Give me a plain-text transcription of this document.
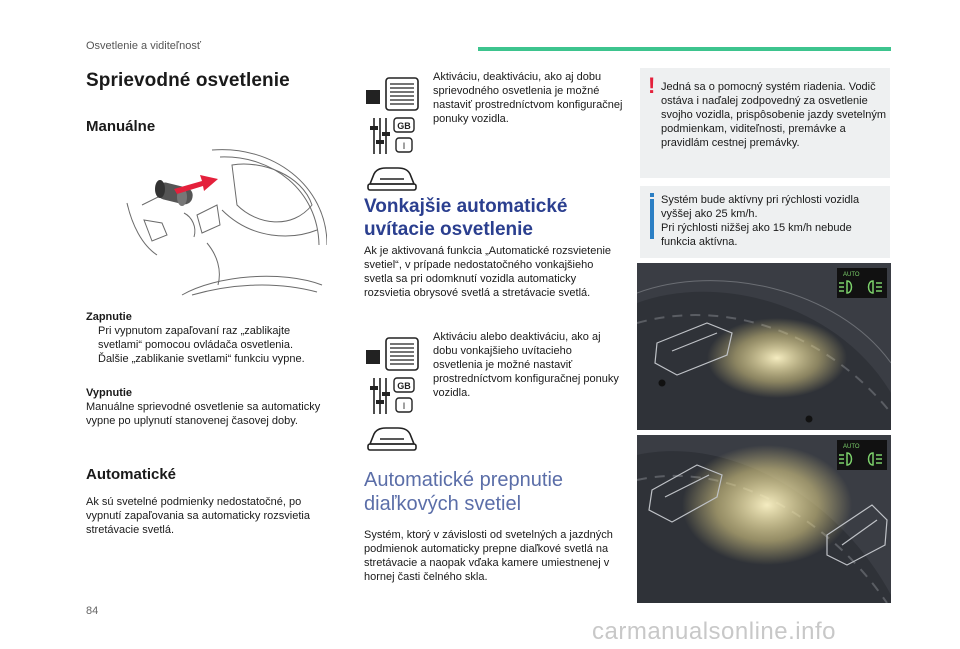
Osvetlenie a viditeľnosť
Sprievodné osvetlenie
Manuálne
Zapnutie
Pri vypnutom zapaľovaní raz „zablikajte svetlami“ pomocou ovládača osvetlenia.
Ďalšie „zablikanie svetlami“ funkciu vypne.
Vypnutie
Manuálne sprievodné osvetlenie sa automaticky vypne po uplynutí stanovenej časovej doby.
Automatické
Ak sú svetelné podmienky nedostatočné, po vypnutí zapaľovania sa automaticky rozsvietia stretávacie svetlá.
GB
I
Aktiváciu, deaktiváciu, ako aj dobu sprievodného osvetlenia je možné nastaviť prostredníctvom konfiguračnej ponuky vozidla.
Vonkajšie automatické uvítacie osvetlenie
Ak je aktivovaná funkcia „Automatické rozsvietenie svetiel“, v prípade nedostatočného vonkajšieho svetla sa pri odomknutí vozidla automaticky rozsvietia obrysové svetlá a stretávacie svetlá.
GB
I
Aktiváciu alebo deaktiváciu, ako aj dobu vonkajšieho uvítacieho osvetlenia je možné nastaviť prostredníctvom konfiguračnej ponuky vozidla.
Automatické prepnutie diaľkových svetiel
Systém, ktorý v závislosti od svetelných a jazdných podmienok automaticky prepne diaľkové svetlá na stretávacie a naopak vďaka kamere umiestnenej v hornej časti čelného skla.
! Jedná sa o pomocný systém riadenia. Vodič ostáva i naďalej zodpovedný za osvetlenie svojho vozidla, prispôsobenie jazdy svetelným podmienkam, viditeľnosti, premávke a pravidlám cestnej premávky.
Systém bude aktívny pri rýchlosti vozidla vyššej ako 25 km/h.
Pri rýchlosti nižšej ako 15 km/h nebude funkcia aktívna.
AUTO
AUTO
84
carmanualsonline.info
